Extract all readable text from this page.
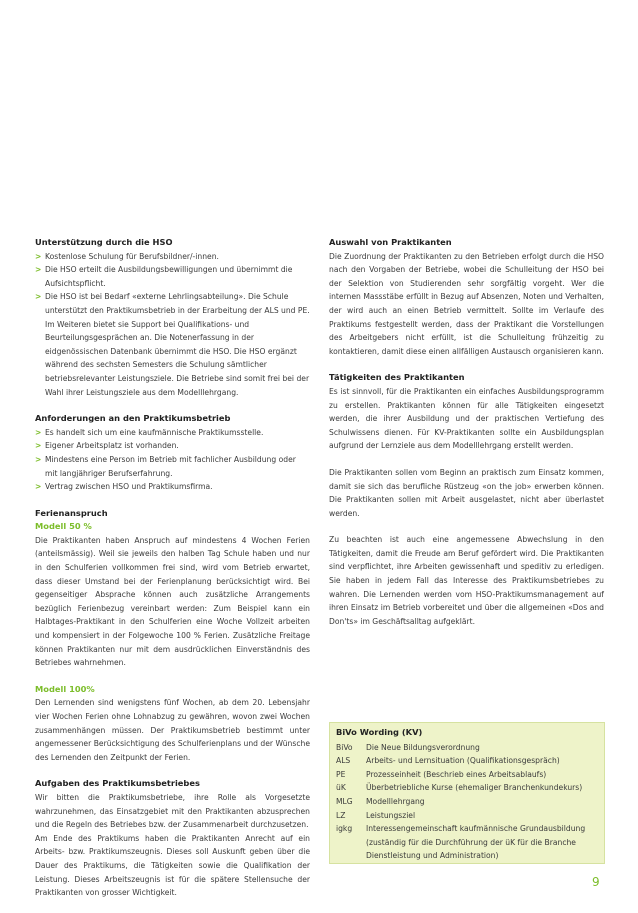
Unterstützung durch die HSO
> Kostenlose Schulung für Berufsbildner/-innen.
> Die HSO erteilt die Ausbildungsbewilligungen und übernimmt die Aufsichtspflicht.
> Die HSO ist bei Bedarf «externe Lehrlingsabteilung». Die Schule unterstützt den Praktikumsbetrieb in der Erarbeitung der ALS und PE. Im Weiteren bietet sie Support bei Qualifikations- und Beurteilungsgesprächen an. Die Notenerfassung in der eidgenössischen Datenbank übernimmt die HSO. Die HSO ergänzt während des sechsten Semesters die Schulung sämtlicher betriebsrelevanter Leistungsziele. Die Betriebe sind somit frei bei der Wahl ihrer Leistungsziele aus dem Modelllehrgang.
Anforderungen an den Praktikumsbetrieb
> Es handelt sich um eine kaufmännische Praktikumsstelle.
> Eigener Arbeitsplatz ist vorhanden.
> Mindestens eine Person im Betrieb mit fachlicher Ausbildung oder mit langjähriger Berufserfahrung.
> Vertrag zwischen HSO und Praktikumsfirma.
Ferienanspruch
Modell 50 %

Die Praktikanten haben Anspruch auf mindestens 4 Wochen Ferien (anteilsmässig). Weil sie jeweils den halben Tag Schule haben und nur in den Schulferien vollkommen frei sind, wird vom Betrieb erwartet, dass dieser Umstand bei der Ferienplanung berücksichtigt wird. Bei gegenseitiger Absprache können auch zusätzliche Arrangements bezüglich Ferienbezug vereinbart werden: Zum Beispiel kann ein Halbtages-Praktikant in den Schulferien eine Woche Vollzeit arbeiten und kompensiert in der Folgewoche 100 % Ferien. Zusätzliche Freitage können Praktikanten nur mit dem ausdrücklichen Einverständnis des Betriebes wahrnehmen.

Modell 100%

Den Lernenden sind wenigstens fünf Wochen, ab dem 20. Lebensjahr vier Wochen Ferien ohne Lohnabzug zu gewähren, wovon zwei Wochen zusammenhängen müssen. Der Praktikumsbetrieb bestimmt unter angemessener Berücksichtigung des Schulferienplans und der Wünsche des Lernenden den Zeitpunkt der Ferien.

Aufgaben des Praktikumsbetriebes

Wir bitten die Praktikumsbetriebe, ihre Rolle als Vorgesetzte wahrzunehmen, das Einsatzgebiet mit den Praktikanten abzusprechen und die Regeln des Betriebes bzw. der Zusammenarbeit durchzusetzen.

Am Ende des Praktikums haben die Praktikanten Anrecht auf ein Arbeits- bzw. Praktikumszeugnis. Dieses soll Auskunft geben über die Dauer des Praktikums, die Tätigkeiten sowie die Qualifikation der Leistung. Dieses Arbeitszeugnis ist für die spätere Stellensuche der Praktikanten von grosser Wichtigkeit.

Auswahl von Praktikanten

Die Zuordnung der Praktikanten zu den Betrieben erfolgt durch die HSO nach den Vorgaben der Betriebe, wobei die Schulleitung der HSO bei der Selektion von Studierenden sehr sorgfältig vorgeht. Wer die internen Massstäbe erfüllt in Bezug auf Absenzen, Noten und Verhalten, der wird auch an einen Betrieb vermittelt. Sollte im Verlaufe des Praktikums festgestellt werden, dass der Praktikant die Vorstellungen des Arbeitgebers nicht erfüllt, ist die Schulleitung frühzeitig zu kontaktieren, damit diese einen allfälligen Austausch organisieren kann.

Tätigkeiten des Praktikanten

Es ist sinnvoll, für die Praktikanten ein einfaches Ausbildungsprogramm zu erstellen. Praktikanten können für alle Tätigkeiten eingesetzt werden, die ihrer Ausbildung und der praktischen Vertiefung des Schulwissens dienen. Für KV-Praktikanten sollte ein Ausbildungsplan aufgrund der Lernziele aus dem Modelllehrgang erstellt werden.

Die Praktikanten sollen vom Beginn an praktisch zum Einsatz kommen, damit sie sich das berufliche Rüstzeug «on the job» erwerben können. Die Praktikanten sollen mit Arbeit ausgelastet, nicht aber überlastet werden.

Zu beachten ist auch eine angemessene Abwechslung in den Tätigkeiten, damit die Freude am Beruf gefördert wird. Die Praktikanten sind verpflichtet, ihre Arbeiten gewissenhaft und speditiv zu erledigen. Sie haben in jedem Fall das Interesse des Praktikumsbetriebes zu wahren. Die Lernenden werden vom HSO-Praktikumsmanagement auf ihren Einsatz im Betrieb vorbereitet und über die allgemeinen «Dos and Don'ts» im Geschäftsalltag aufgeklärt.

BiVo Wording (KV)
BiVo	Die Neue Bildungsverordnung
ALS	Arbeits- und Lernsituation (Qualifikationsgespräch)
PE	Prozesseinheit (Beschrieb eines Arbeitsablaufs)
üK	Überbetriebliche Kurse (ehemaliger Branchenkundekurs)
MLG	Modelllehrgang
LZ	Leistungsziel
igkg	Interessengemeinschaft kaufmännische Grundausbildung (zuständig für die Durchführung der üK für die Branche Dienstleistung und Administration)
9
